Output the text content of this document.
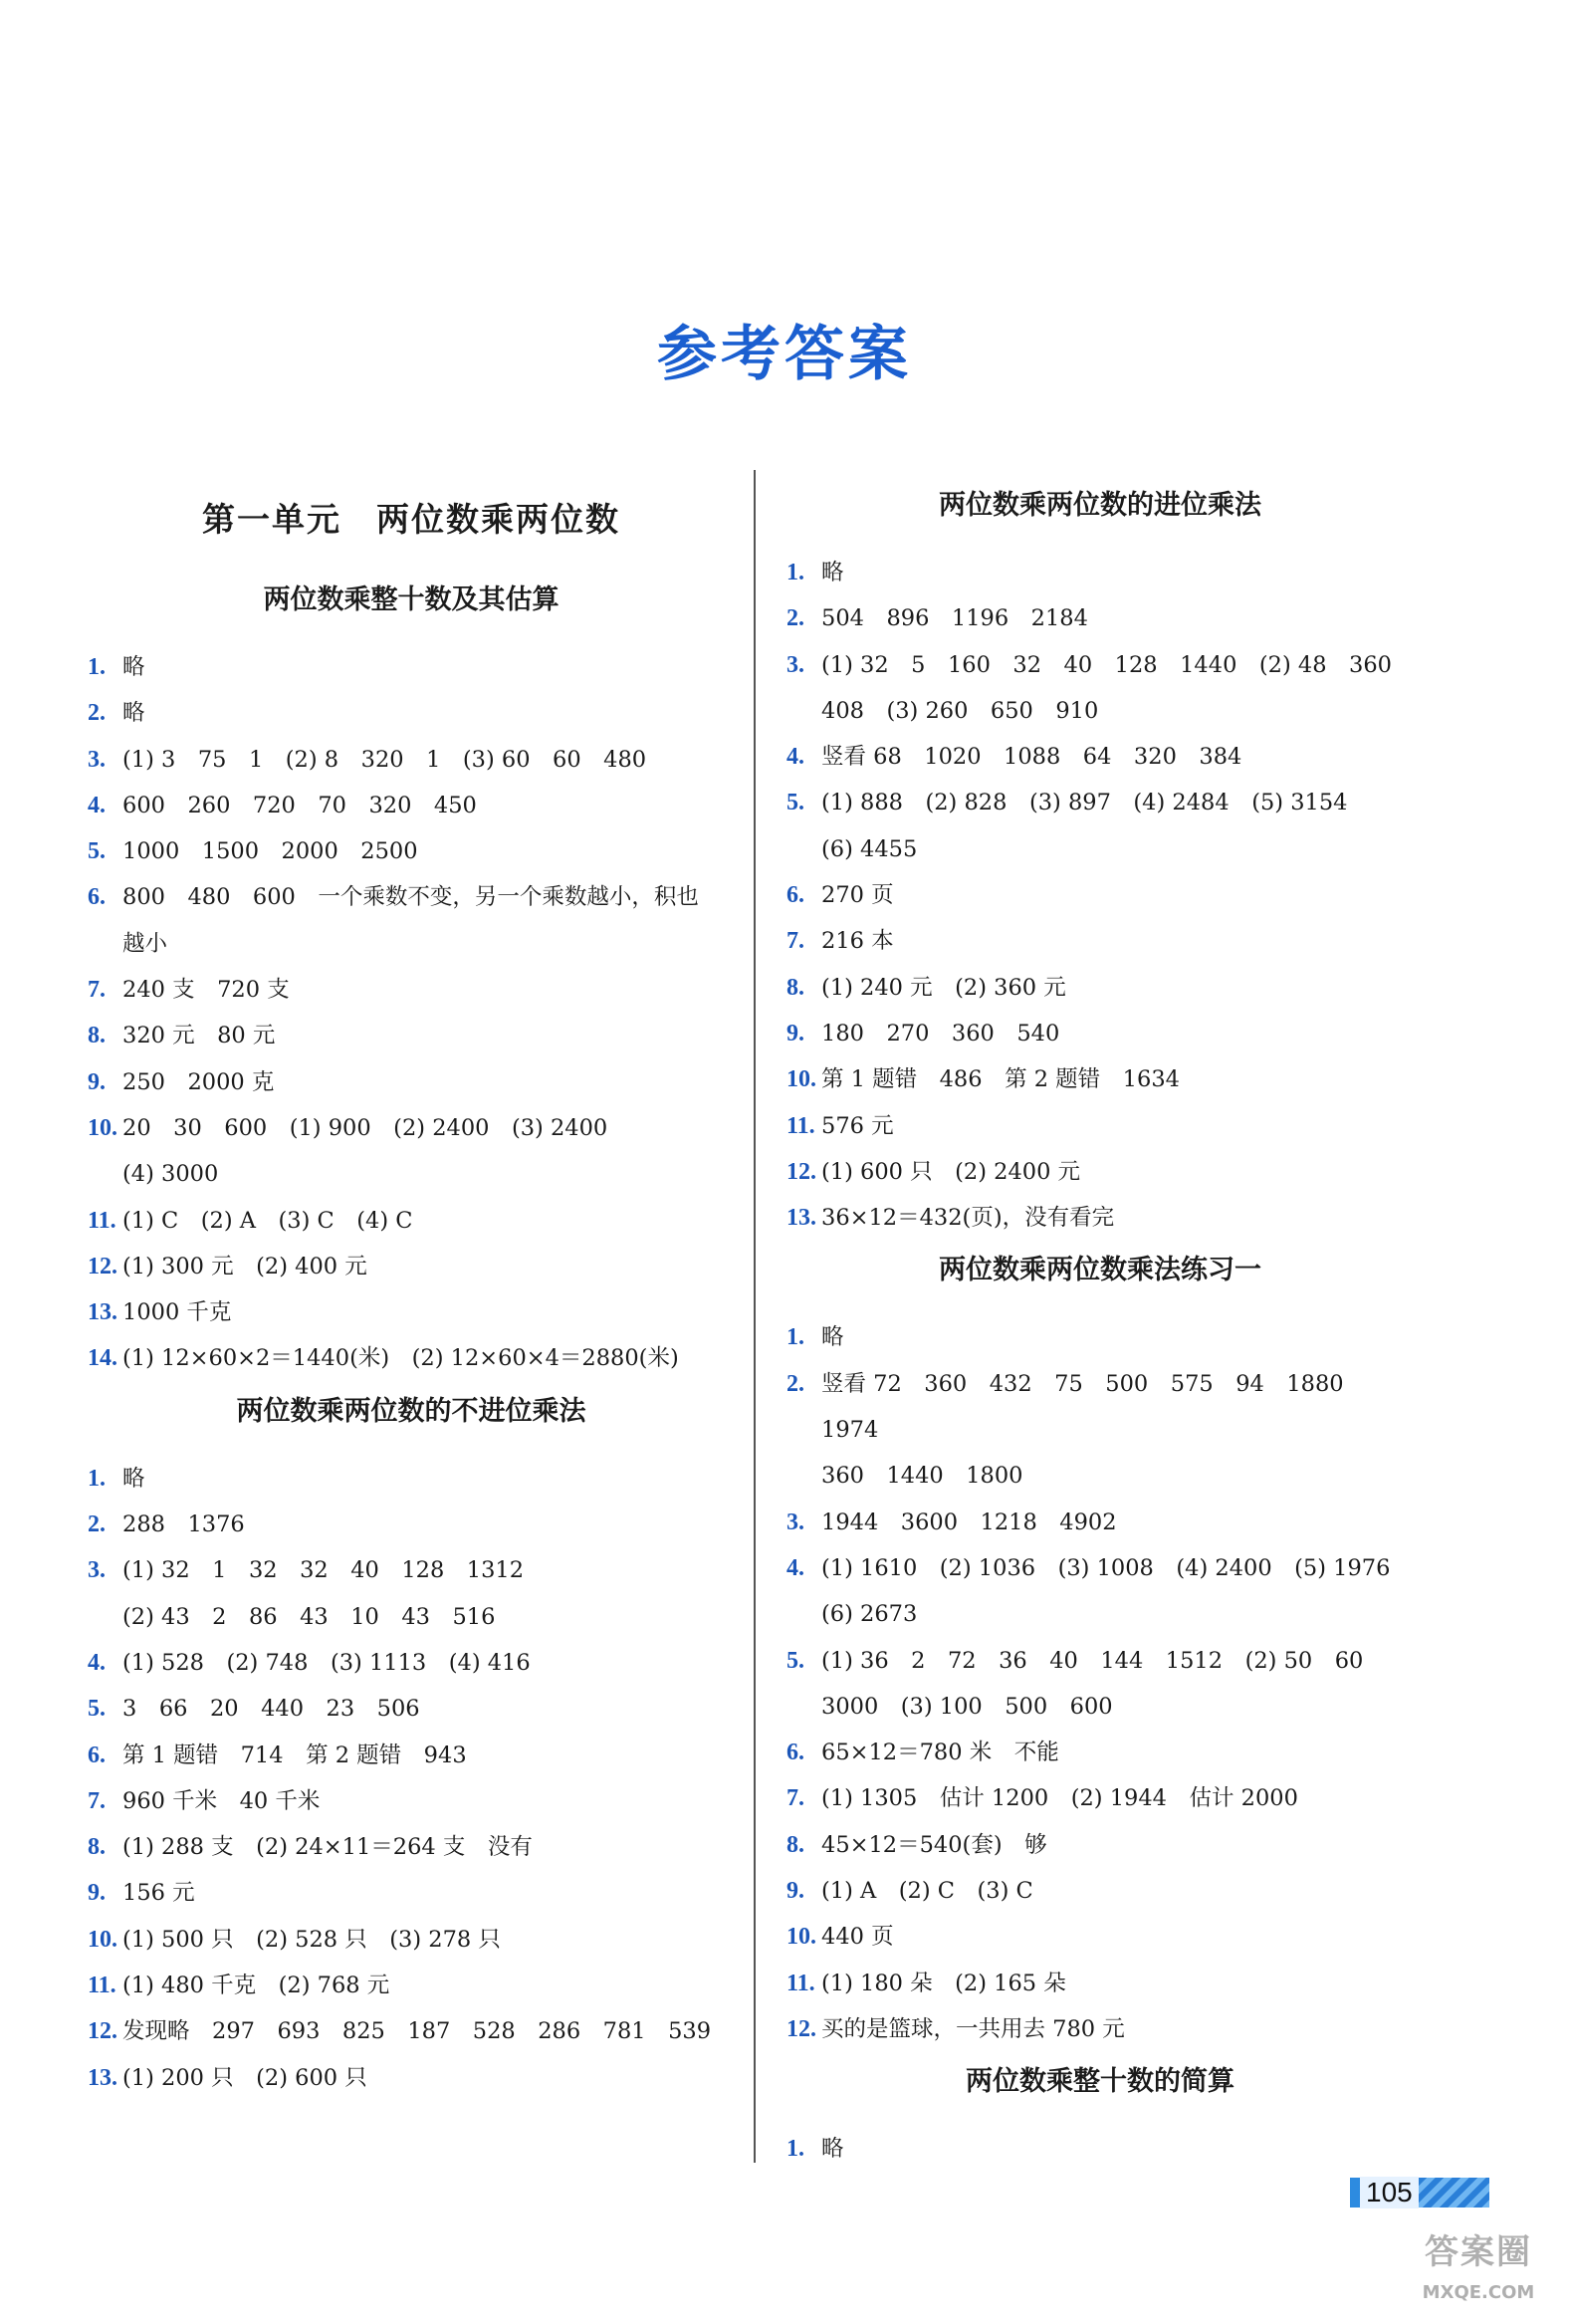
参考答案
第一单元　两位数乘两位数
两位数乘整十数及其估算
1. 略
2. 略
3. (1) 3　75　1　(2) 8　320　1　(3) 60　60　480
4. 600　260　720　70　320　450
5. 1000　1500　2000　2500
6. 800　480　600　一个乘数不变，另一个乘数越小，积也
越小
7. 240 支　720 支
8. 320 元　80 元
9. 250　2000 克
10. 20　30　600　(1) 900　(2) 2400　(3) 2400
(4) 3000
11. (1) C　(2) A　(3) C　(4) C
12. (1) 300 元　(2) 400 元
13. 1000 千克
14. (1) 12×60×2＝1440(米)　(2) 12×60×4＝2880(米)
两位数乘两位数的不进位乘法
1. 略
2. 288　1376
3. (1) 32　1　32　32　40　128　1312
(2) 43　2　86　43　10　43　516
4. (1) 528　(2) 748　(3) 1113　(4) 416
5. 3　66　20　440　23　506
6. 第 1 题错　714　第 2 题错　943
7. 960 千米　40 千米
8. (1) 288 支　(2) 24×11＝264 支　没有
9. 156 元
10. (1) 500 只　(2) 528 只　(3) 278 只
11. (1) 480 千克　(2) 768 元
12. 发现略　297　693　825　187　528　286　781　539
13. (1) 200 只　(2) 600 只
两位数乘两位数的进位乘法
1. 略
2. 504　896　1196　2184
3. (1) 32　5　160　32　40　128　1440　(2) 48　360
408　(3) 260　650　910
4. 竖看 68　1020　1088　64　320　384
5. (1) 888　(2) 828　(3) 897　(4) 2484　(5) 3154
(6) 4455
6. 270 页
7. 216 本
8. (1) 240 元　(2) 360 元
9. 180　270　360　540
10. 第 1 题错　486　第 2 题错　1634
11. 576 元
12. (1) 600 只　(2) 2400 元
13. 36×12＝432(页)，没有看完
两位数乘两位数乘法练习一
1. 略
2. 竖看 72　360　432　75　500　575　94　1880　1974
360　1440　1800
3. 1944　3600　1218　4902
4. (1) 1610　(2) 1036　(3) 1008　(4) 2400　(5) 1976
(6) 2673
5. (1) 36　2　72　36　40　144　1512　(2) 50　60
3000　(3) 100　500　600
6. 65×12＝780 米　不能
7. (1) 1305　估计 1200　(2) 1944　估计 2000
8. 45×12＝540(套)　够
9. (1) A　(2) C　(3) C
10. 440 页
11. (1) 180 朵　(2) 165 朵
12. 买的是篮球，一共用去 780 元
两位数乘整十数的简算
1. 略
105
答案圈
MXQE.COM
